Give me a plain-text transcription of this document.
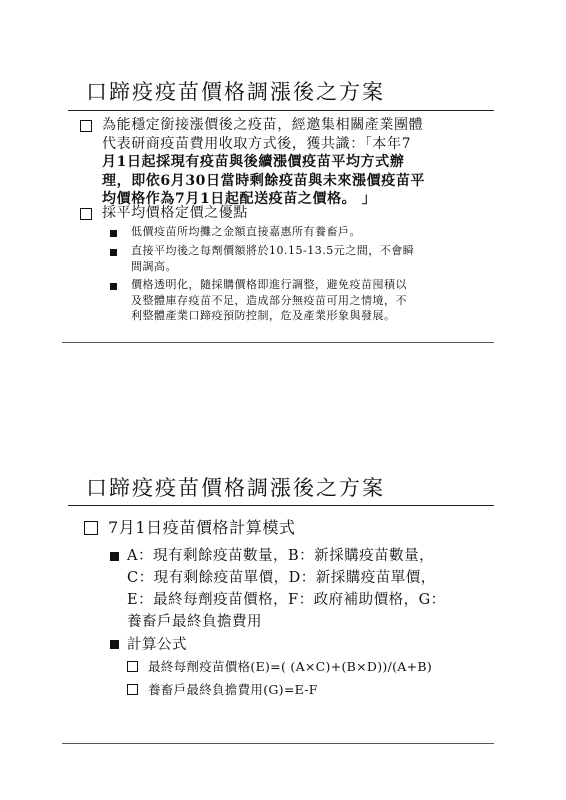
口蹄疫疫苗價格調漲後之方案
為能穩定銜接漲價後之疫苗，經邀集相關產業團體
代表研商疫苗費用收取方式後，獲共識：「本年7
月1日起採現有疫苗與後續漲價疫苗平均方式辦
理，即依6月30日當時剩餘疫苗與未來漲價疫苗平
均價格作為7月1日起配送疫苗之價格。 」
採平均價格定價之優點
低價疫苗所均攤之金額直接嘉惠所有養畜戶。
直接平均後之每劑價額將於10.15-13.5元之間，不會瞬
間調高。
價格透明化，隨採購價格即進行調整，避免疫苗囤積以
及整體庫存疫苗不足，造成部分無疫苗可用之情境，不
利整體產業口蹄疫預防控制，危及產業形象與發展。
口蹄疫疫苗價格調漲後之方案
7月1日疫苗價格計算模式
A：現有剩餘疫苗數量，B：新採購疫苗數量，
C：現有剩餘疫苗單價，D：新採購疫苗單價，
E：最終每劑疫苗價格，F：政府補助價格，G：
養畜戶最終負擔費用
計算公式
最終每劑疫苗價格(E)=( (A×C)+(B×D))/(A+B)
養畜戶最終負擔費用(G)=E-F
